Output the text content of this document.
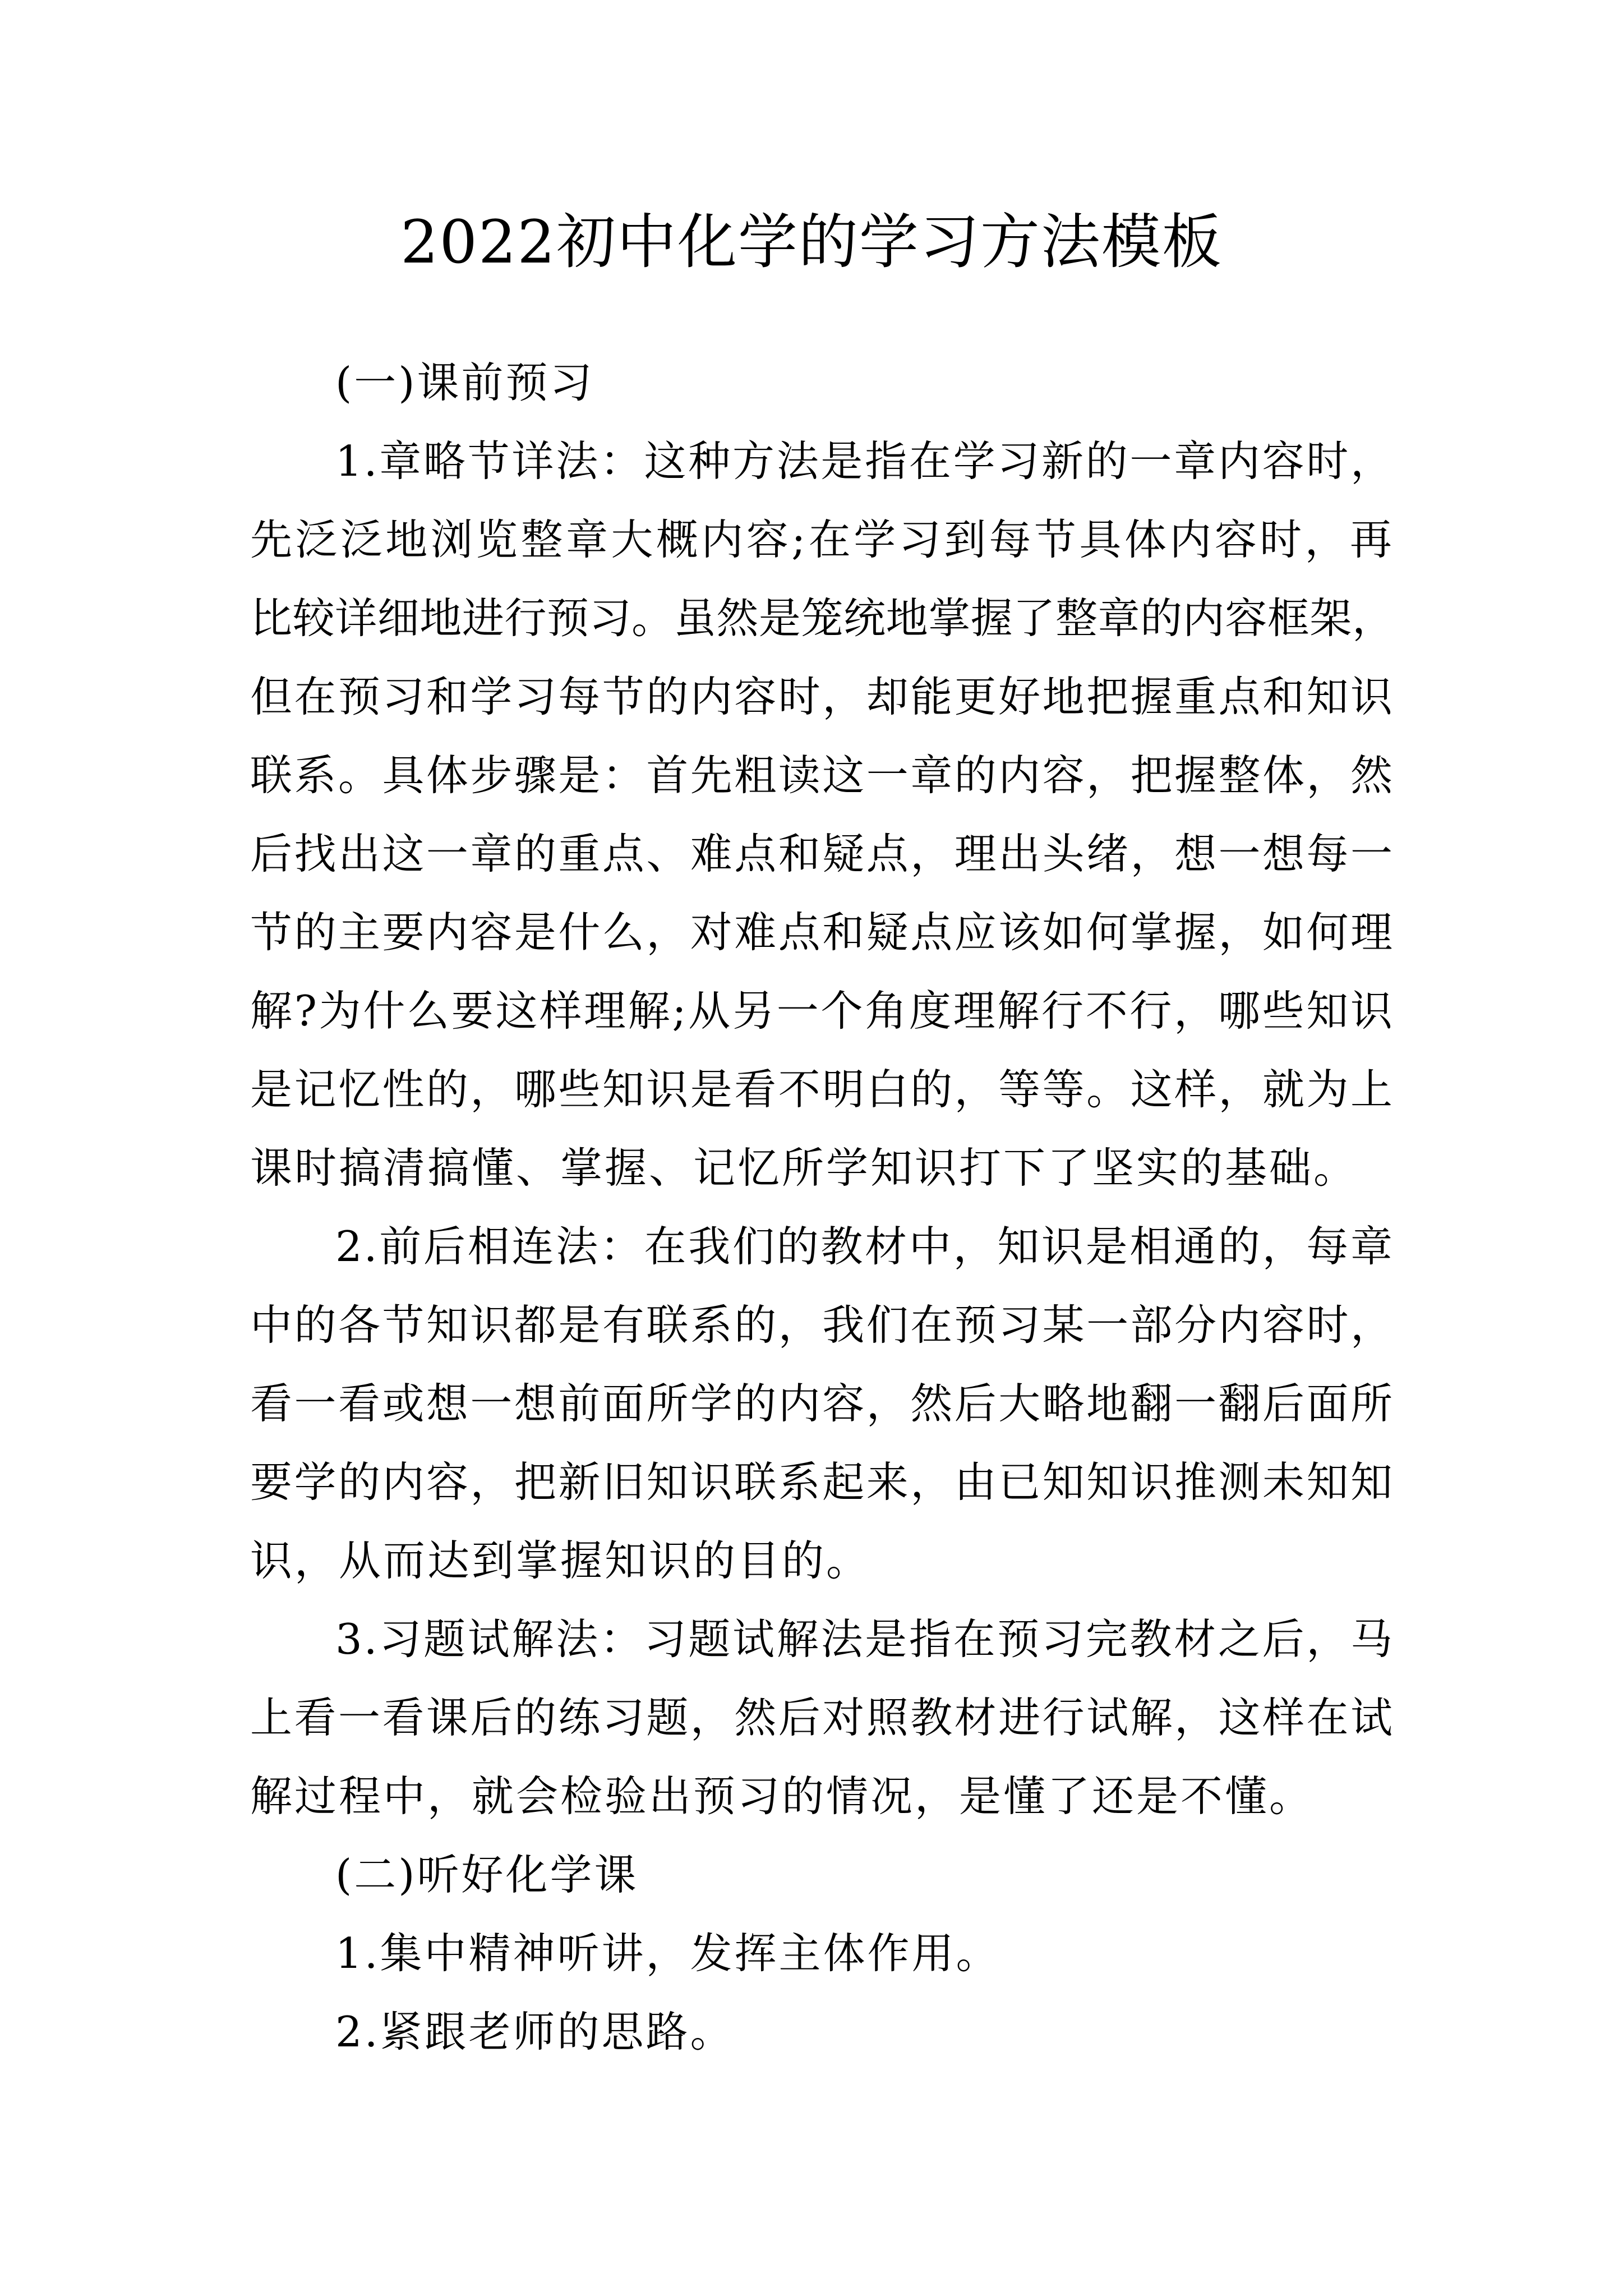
2022初中化学的学习方法模板
(一)课前预习
1.章略节详法：这种方法是指在学习新的一章内容时，
先泛泛地浏览整章大概内容;在学习到每节具体内容时，再
比较详细地进行预习。虽然是笼统地掌握了整章的内容框架，
但在预习和学习每节的内容时，却能更好地把握重点和知识
联系。具体步骤是：首先粗读这一章的内容，把握整体，然
后找出这一章的重点、难点和疑点，理出头绪，想一想每一
节的主要内容是什么，对难点和疑点应该如何掌握，如何理
解?为什么要这样理解;从另一个角度理解行不行，哪些知识
是记忆性的，哪些知识是看不明白的，等等。这样，就为上
课时搞清搞懂、掌握、记忆所学知识打下了坚实的基础。
2.前后相连法：在我们的教材中，知识是相通的，每章
中的各节知识都是有联系的，我们在预习某一部分内容时，
看一看或想一想前面所学的内容，然后大略地翻一翻后面所
要学的内容，把新旧知识联系起来，由已知知识推测未知知
识，从而达到掌握知识的目的。
3.习题试解法：习题试解法是指在预习完教材之后，马
上看一看课后的练习题，然后对照教材进行试解，这样在试
解过程中，就会检验出预习的情况，是懂了还是不懂。
(二)听好化学课
1.集中精神听讲，发挥主体作用。
2.紧跟老师的思路。
